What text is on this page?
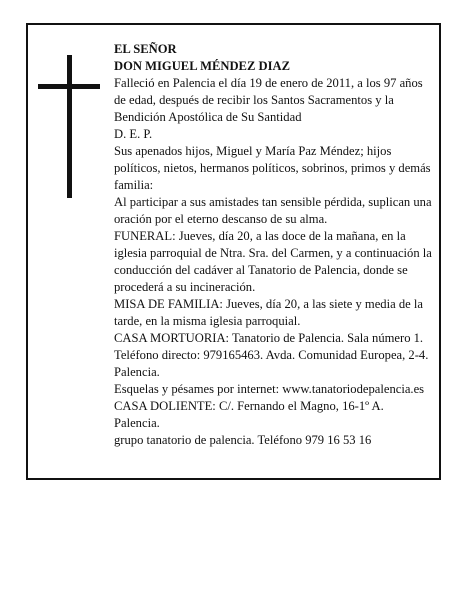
EL SEÑOR

DON MIGUEL MÉNDEZ DIAZ

Falleció en Palencia el día 19 de enero de 2011, a los 97 años de edad, después de recibir los Santos Sacramentos y la Bendición Apostólica de Su Santidad

D. E. P.

Sus apenados hijos, Miguel y María Paz Méndez; hijos políticos, nietos, hermanos políticos, sobrinos, primos y demás familia:

Al participar a sus amistades tan sensible pérdida, suplican una oración por el eterno descanso de su alma.

FUNERAL: Jueves, día 20, a las doce de la mañana, en la iglesia parroquial de Ntra. Sra. del Carmen, y a continuación la conducción del cadáver al Tanatorio de Palencia, donde se procederá a su incineración.

MISA DE FAMILIA: Jueves, día 20, a las siete y media de la tarde, en la misma iglesia parroquial.

CASA MORTUORIA: Tanatorio de Palencia. Sala número 1. Teléfono directo: 979165463. Avda. Comunidad Europea, 2-4. Palencia.

Esquelas y pésames por internet: www.tanatoriodepalencia.es

CASA DOLIENTE: C/. Fernando el Magno, 16-1º A. Palencia.

grupo tanatorio de palencia. Teléfono 979 16 53 16
